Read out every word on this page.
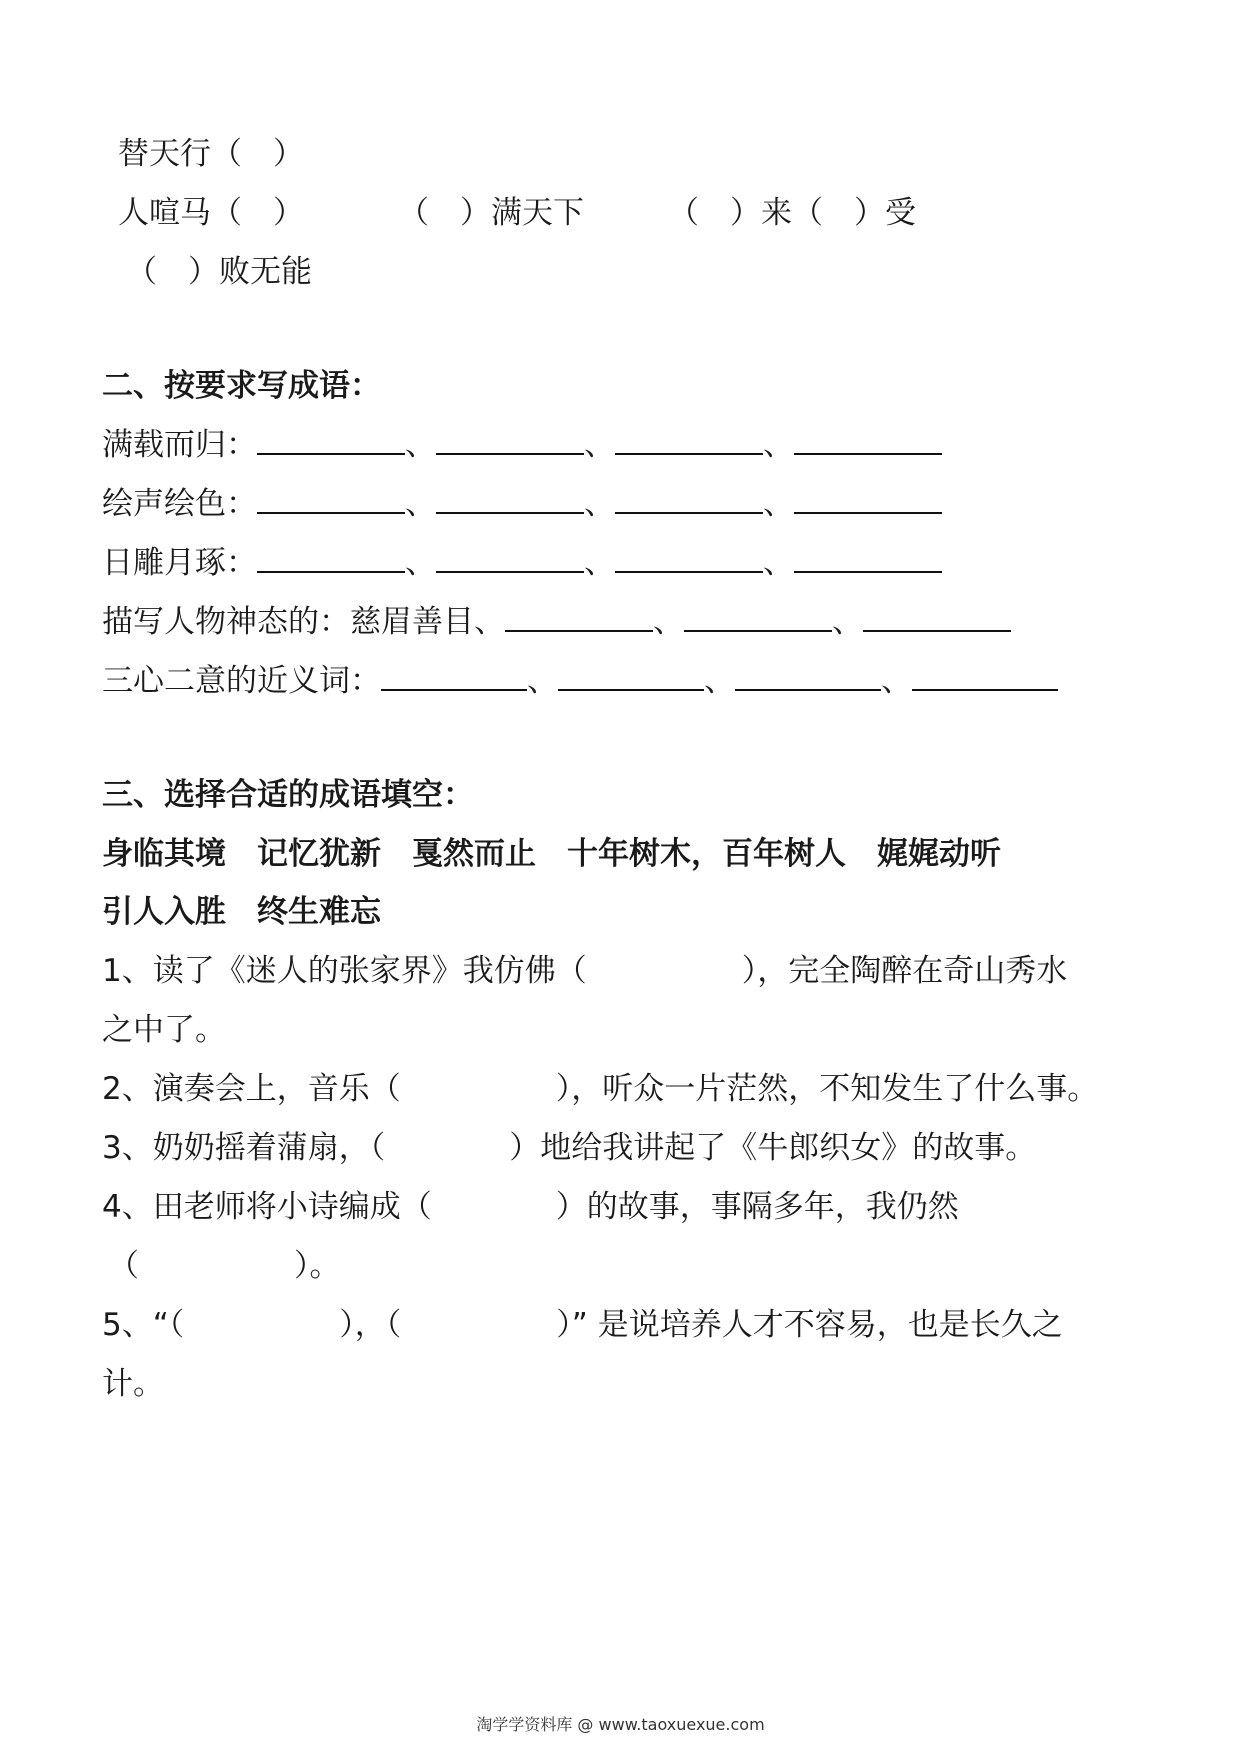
替天行（　）
人喧马（　）	（　）满天下	（　）来（　）受
（　）败无能
二、按要求写成语：
满载而归：	、	、	、
绘声绘色：	、	、	、
日雕月琢：	、	、	、
描写人物神态的：慈眉善目、	、	、
三心二意的近义词：	、	、	、
三、选择合适的成语填空：
身临其境　记忆犹新　戛然而止　十年树木，百年树人　娓娓动听
引人入胜　终生难忘
1、读了《迷人的张家界》我仿佛（　　　　　），完全陶醉在奇山秀水
之中了。
2、演奏会上，音乐（　　　　　），听众一片茫然，不知发生了什么事。
3、奶奶摇着蒲扇，（　　　　）地给我讲起了《牛郎织女》的故事。
4、田老师将小诗编成（　　　　）的故事，事隔多年，我仍然
（　　　　　）。
5、“（　　　　　），（　　　　　）” 是说培养人才不容易，也是长久之
计。
淘学学资料库 @ www.taoxuexue.com
